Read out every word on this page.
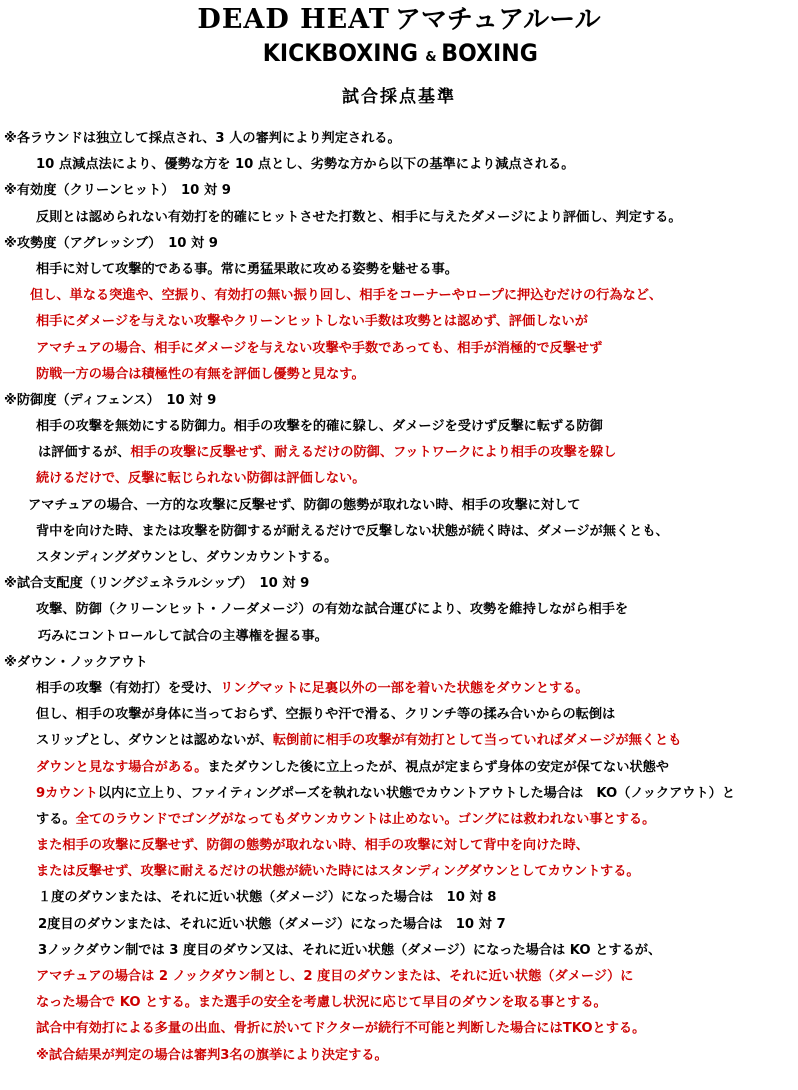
DEAD HEAT アマチュアルール
KICKBOXING & BOXING
試合採点基準
※各ラウンドは独立して採点され、3 人の審判により判定される。
10 点減点法により、優勢な方を 10 点とし、劣勢な方から以下の基準により減点される。
※有効度（クリーンヒット）　10 対 9
反則とは認められない有効打を的確にヒットさせた打数と、相手に与えたダメージにより評価し、判定する。
※攻勢度（アグレッシブ）　10 対 9
相手に対して攻撃的である事。常に勇猛果敢に攻める姿勢を魅せる事。
但し、単なる突進や、空振り、有効打の無い振り回し、相手をコーナーやロープに押込むだけの行為など、
相手にダメージを与えない攻撃やクリーンヒットしない手数は攻勢とは認めず、評価しないが
アマチュアの場合、相手にダメージを与えない攻撃や手数であっても、相手が消極的で反撃せず
防戦一方の場合は積極性の有無を評価し優勢と見なす。
※防御度（ディフェンス）　10 対 9
相手の攻撃を無効にする防御力。相手の攻撃を的確に躱し、ダメージを受けず反撃に転ずる防御
は評価するが、相手の攻撃に反撃せず、耐えるだけの防御、フットワークにより相手の攻撃を躱し
続けるだけで、反撃に転じられない防御は評価しない。
アマチュアの場合、一方的な攻撃に反撃せず、防御の態勢が取れない時、相手の攻撃に対して
背中を向けた時、または攻撃を防御するが耐えるだけで反撃しない状態が続く時は、ダメージが無くとも、
スタンディングダウンとし、ダウンカウントする。
※試合支配度（リングジェネラルシップ）　10 対 9
攻撃、防御（クリーンヒット・ノーダメージ）の有効な試合運びにより、攻勢を維持しながら相手を
巧みにコントロールして試合の主導権を握る事。
※ダウン・ノックアウト
相手の攻撃（有効打）を受け、リングマットに足裏以外の一部を着いた状態をダウンとする。
但し、相手の攻撃が身体に当っておらず、空振りや汗で滑る、クリンチ等の揉み合いからの転倒は
スリップとし、ダウンとは認めないが、転倒前に相手の攻撃が有効打として当っていればダメージが無くとも
ダウンと見なす場合がある。またダウンした後に立上ったが、視点が定まらず身体の安定が保てない状態や
9カウント以内に立上り、ファイティングポーズを執れない状態でカウントアウトした場合は　KO（ノックアウト）と
する。全てのラウンドでゴングがなってもダウンカウントは止めない。ゴングには救われない事とする。
また相手の攻撃に反撃せず、防御の態勢が取れない時、相手の攻撃に対して背中を向けた時、
または反撃せず、攻撃に耐えるだけの状態が続いた時にはスタンディングダウンとしてカウントする。
１度のダウンまたは、それに近い状態（ダメージ）になった場合は　10 対 8
2度目のダウンまたは、それに近い状態（ダメージ）になった場合は　10 対 7
3ノックダウン制では 3 度目のダウン又は、それに近い状態（ダメージ）になった場合は KO とするが、
アマチュアの場合は 2 ノックダウン制とし、2 度目のダウンまたは、それに近い状態（ダメージ）に
なった場合で KO とする。また選手の安全を考慮し状況に応じて早目のダウンを取る事とする。
試合中有効打による多量の出血、骨折に於いてドクターが続行不可能と判断した場合にはTKOとする。
※試合結果が判定の場合は審判3名の旗挙により決定する。
